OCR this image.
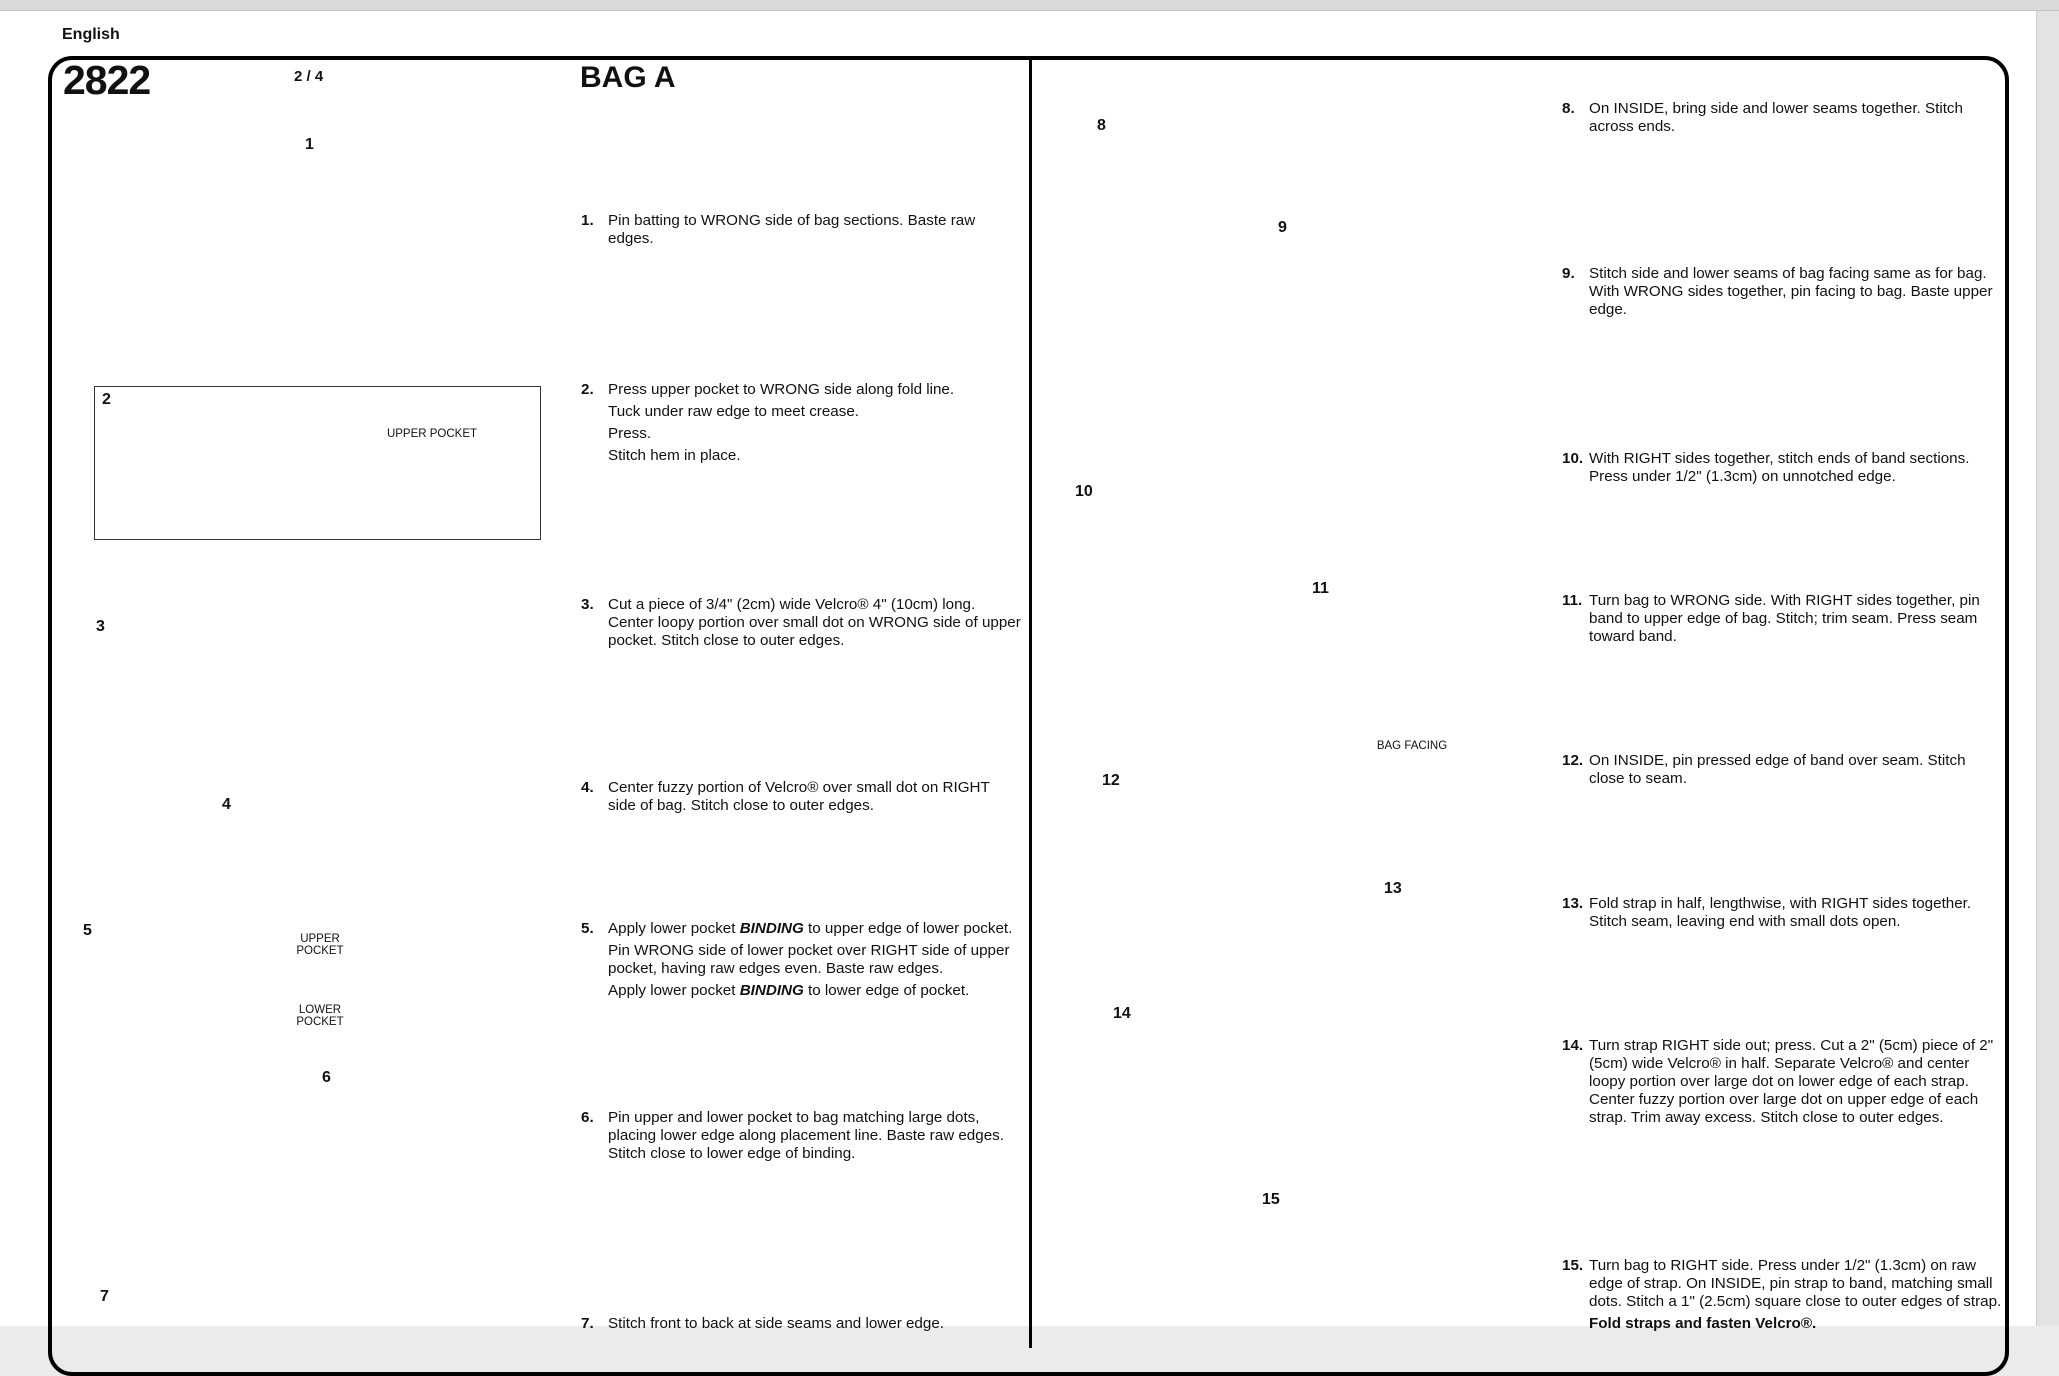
English
2822	2 / 4	BAG A
1
2
UPPER POCKET
3
4
5	UPPER
POCKET
LOWER
POCKET
6
7
1. Pin batting to WRONG side of bag sections. Baste raw edges.
2. Press upper pocket to WRONG side along fold line.

Tuck under raw edge to meet crease.

Press.

Stitch hem in place.

3. Cut a piece of 3/4" (2cm) wide Velcro® 4" (10cm) long. Center loopy portion over small dot on WRONG side of upper pocket. Stitch close to outer edges.
4. Center fuzzy portion of Velcro® over small dot on RIGHT side of bag. Stitch close to outer edges.
5. Apply lower pocket BINDING to upper edge of lower pocket.

Pin WRONG side of lower pocket over RIGHT side of upper pocket, having raw edges even. Baste raw edges.

Apply lower pocket BINDING to lower edge of pocket.

6. Pin upper and lower pocket to bag matching large dots, placing lower edge along placement line. Baste raw edges. Stitch close to lower edge of binding.
7. Stitch front to back at side seams and lower edge.
8
9
10
11
BAG FACING
12
13
14
15
8. On INSIDE, bring side and lower seams together. Stitch across ends.
9. Stitch side and lower seams of bag facing same as for bag. With WRONG sides together, pin facing to bag. Baste upper edge.
10. With RIGHT sides together, stitch ends of band sections. Press under 1/2" (1.3cm) on unnotched edge.
11. Turn bag to WRONG side. With RIGHT sides together, pin band to upper edge of bag. Stitch; trim seam. Press seam toward band.
12. On INSIDE, pin pressed edge of band over seam. Stitch close to seam.
13. Fold strap in half, lengthwise, with RIGHT sides together. Stitch seam, leaving end with small dots open.
14. Turn strap RIGHT side out; press. Cut a 2" (5cm) piece of 2" (5cm) wide Velcro® in half. Separate Velcro® and center loopy portion over large dot on lower edge of each strap. Center fuzzy portion over large dot on upper edge of each strap. Trim away excess. Stitch close to outer edges.
15. Turn bag to RIGHT side. Press under 1/2" (1.3cm) on raw edge of strap. On INSIDE, pin strap to band, matching small dots. Stitch a 1" (2.5cm) square close to outer edges of strap.
Fold straps and fasten Velcro®.
